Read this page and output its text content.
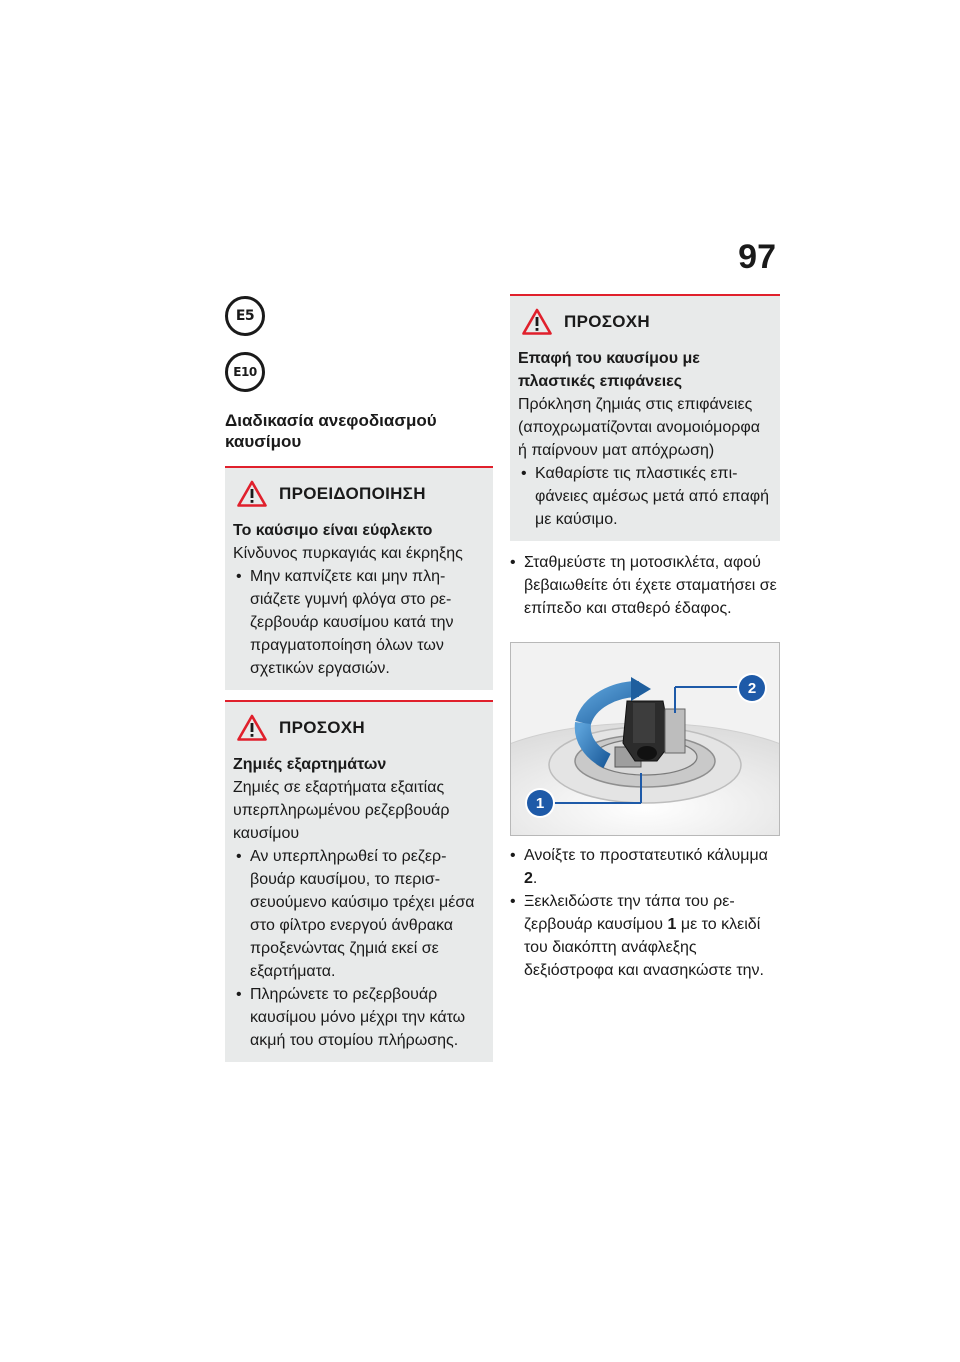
97
E5
E10
Διαδικασία ανεφοδιασμού καυσίμου
ΠΡΟΕΙΔΟΠΟΙΗΣΗ
Το καύσιμο είναι εύφλεκτο
Κίνδυνος πυρκαγιάς και έκρηξης
• Μην καπνίζετε και μην πλησιάζετε γυμνή φλόγα στο ρεζερβουάρ καυσίμου κατά την πραγματοποίηση όλων των σχετικών εργασιών.
ΠΡΟΣΟΧΗ
Ζημιές εξαρτημάτων
Ζημιές σε εξαρτήματα εξαιτίας υπερπληρωμένου ρεζερβουάρ καυσίμου
• Αν υπερπληρωθεί το ρεζερβουάρ καυσίμου, το περισσευούμενο καύσιμο τρέχει μέσα στο φίλτρο ενεργού άνθρακα προξενώντας ζημιά εκεί σε εξαρτήματα.
• Πληρώνετε το ρεζερβουάρ καυσίμου μόνο μέχρι την κάτω ακμή του στομίου πλήρωσης.
ΠΡΟΣΟΧΗ
Επαφή του καυσίμου με πλαστικές επιφάνειες
Πρόκληση ζημιάς στις επιφάνειες (αποχρωματίζονται ανομοιόμορφα ή παίρνουν ματ απόχρωση)
• Καθαρίστε τις πλαστικές επιφάνειες αμέσως μετά από επαφή με καύσιμο.
• Σταθμεύστε τη μοτοσικλέτα, αφού βεβαιωθείτε ότι έχετε σταματήσει σε επίπεδο και σταθερό έδαφος.
2
1
• Ανοίξτε το προστατευτικό κάλυμμα 2.
• Ξεκλειδώστε την τάπα του ρεζερβουάρ καυσίμου 1 με το κλειδί του διακόπτη ανάφλεξης δεξιόστροφα και ανασηκώστε την.
